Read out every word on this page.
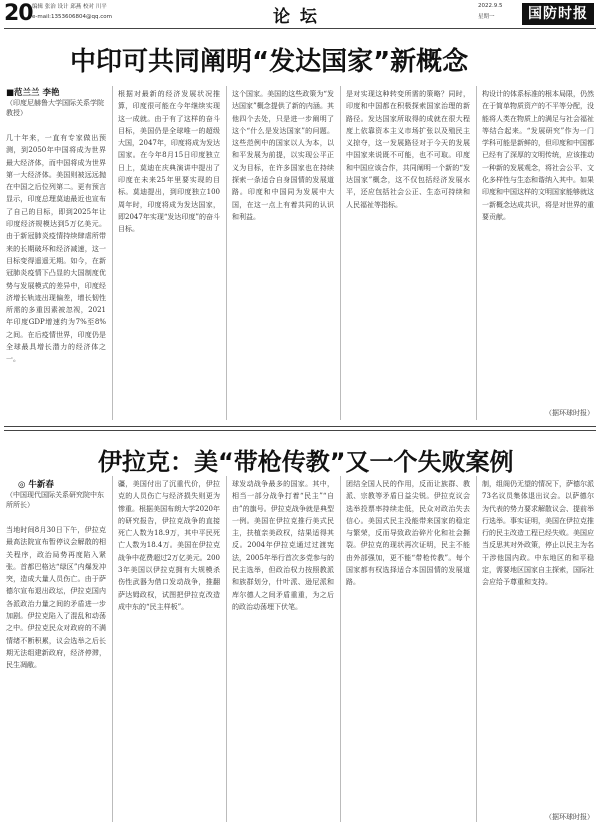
20 编辑 张治 设计 邱燕 校对 川平
e-mail:1353606804@qq.com	论 坛
2022.9.5
星期一	国防时报
中印可共同阐明“发达国家”新概念
■范兰兰 李艳
（印度尼赫鲁大学国际关系学院教授）
几十年来，一直有专家做出预测，到2050年中国将成为世界最大经济体，而中国将成为世界第一大经济体。美国则被远远抛在中国之后位列第二。更有预言显示，印度总理莫迪最近也宣布了自己的目标，即到2025年让印度经济规模达到5万亿美元。由于新冠肺炎疫情持续肆虐所带来的长期破坏和经济减速，这一目标变得遥遥无期。如今，在新冠肺炎疫情下凸显的大国制度优势与发展模式的差异中，印度经济增长轨迹出现偏差，增长韧性所需的多重因素被忽视，2021年印度GDP增速约为7%至8%之间。在后疫情世界，印度仍是全球最具增长潜力的经济体之一。
根据对最新的经济发展状况推算，印度很可能在今年继续实现这一成就。由于有了这样的奋斗目标，美国仍是全球唯一的超级大国，2047年，印度将成为发达国家。在今年8月15日印度独立日上，莫迪在庆典演讲中提出了印度在未来25年里要实现的目标。莫迪提出，到印度独立100周年时，印度将成为发达国家，即2047年实现“发达印度”的奋斗目标。
这个国家。美国的这些政策为“发达国家”概念提供了新的内涵。其他四个去处，只是进一步阐明了这个“什么是发达国家”的问题。这些范例中的国家以人为本，以和平发展为前提，以实现公平正义为目标，在许多国家也在持续探索一条适合自身国情的发展道路。印度和中国同为发展中大国，在这一点上有着共同的认识和利益。
是对实现这种转变所需的策略？同时，印度和中国都在积极探索国家治理的新路径。发达国家所取得的成就在很大程度上依靠资本主义市场扩张以及殖民主义掠夺，这一发展路径对于今天的发展中国家来说既不可能，也不可取。印度和中国应该合作，共同阐明一个新的“发达国家”概念，这不仅包括经济发展水平，还应包括社会公正、生态可持续和人民福祉等指标。
构设计的体系标准的根本局限，仍然在于简单物质资产的不平等分配，没能将人类在物质上的满足与社会福祉等结合起来。“发展研究”作为一门学科可能是新鲜的，但印度和中国都已经有了深厚的文明传统，应该推动一种新的发展观念，将社会公平、文化多样性与生态和谐纳入其中。如果印度和中国这样的文明国家能够就这一新概念达成共识，将是对世界的重要贡献。
（据环球时报）
伊拉克：美“带枪传教”又一个失败案例
◎ 牛新春
（中国现代国际关系研究院中东所所长）
当地时间8月30日下午，伊拉克最高法院宣布暂停议会解散的相关程序，政治局势再度陷入紧张。首都巴格达“绿区”内爆发冲突，造成大量人员伤亡。由于萨德尔宣布退出政坛，伊拉克国内各派政治力量之间的矛盾进一步加剧。伊拉克陷入了混乱和动荡之中。伊拉克民众对政府的不满情绪不断积累，议会选举之后长期无法组建新政府，经济停滞，民生凋敝。
疆，美国付出了沉重代价，伊拉克的人员伤亡与经济损失则更为惨重。根据美国布朗大学2020年的研究报告，伊拉克战争的直接死亡人数为18.9万，其中平民死亡人数为18.4万。美国在伊拉克战争中花费超过2万亿美元。2003年美国以伊拉克拥有大规模杀伤性武器为借口发动战争，推翻萨达姆政权，试图把伊拉克改造成中东的“民主样板”。
球发动战争最多的国家。其中，相当一部分战争打着“民主”“自由”的旗号。伊拉克战争就是典型一例。美国在伊拉克推行美式民主，扶植亲美政权，结果适得其反。2004年伊拉克通过过渡宪法，2005年举行首次多党参与的民主选举，但政治权力按照教派和族群划分，什叶派、逊尼派和库尔德人之间矛盾重重，为之后的政治动荡埋下伏笔。
团结全国人民的作用，反而让族群、教派、宗教等矛盾日益尖锐。伊拉克议会选举投票率持续走低，民众对政治失去信心。美国式民主没能带来国家的稳定与繁荣，反而导致政治碎片化和社会撕裂。伊拉克的现状再次证明，民主不能由外部强加，更不能“带枪传教”。每个国家都有权选择适合本国国情的发展道路。
制，组阁仍无望的情况下，萨德尔派73名议员集体退出议会。以萨德尔为代表的势力要求解散议会、提前举行选举。事实证明，美国在伊拉克推行的民主改造工程已经失败。美国应当反思其对外政策，停止以民主为名干涉他国内政。中东地区的和平稳定，需要地区国家自主探索，国际社会应给予尊重和支持。
（据环球时报）
